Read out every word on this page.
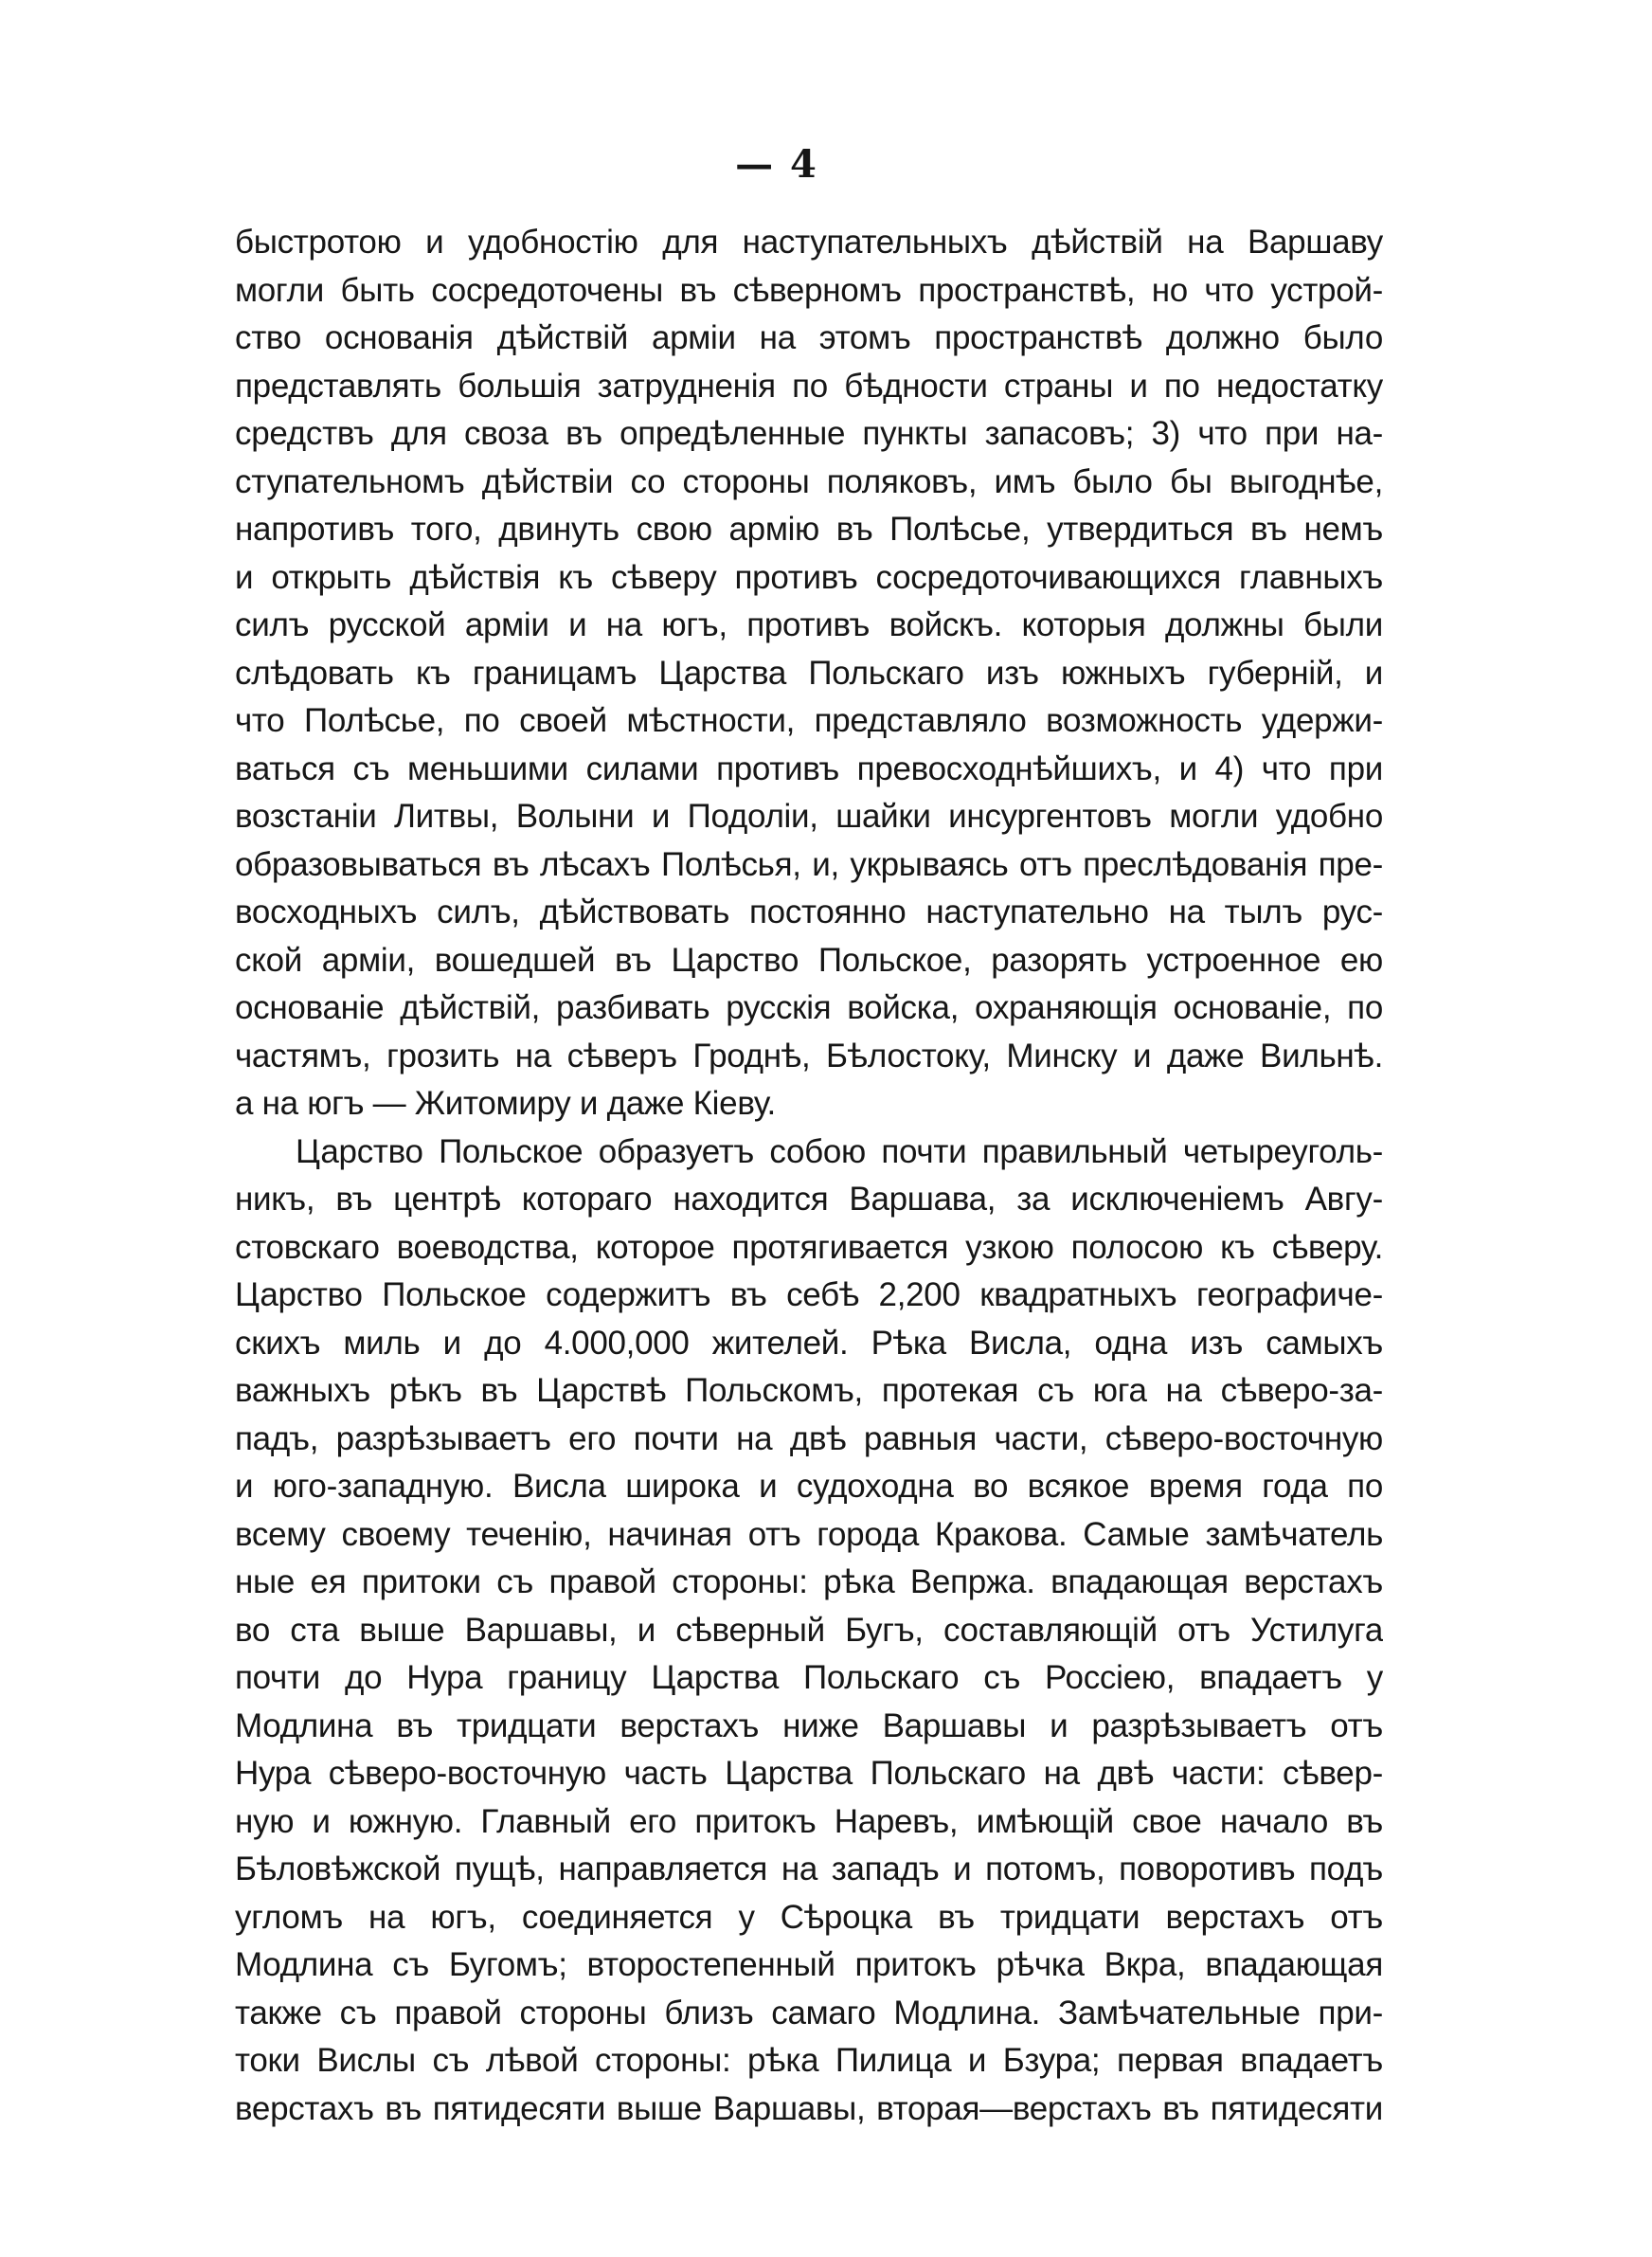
— 4
быстротою и удобностію для наступательныхъ дѣйствій на Варшаву
могли быть сосредоточены въ сѣверномъ пространствѣ, но что устрой-
ство основанія дѣйствій арміи на этомъ пространствѣ должно было
представлять большія затрудненія по бѣдности страны и по недостатку
средствъ для своза въ опредѣленные пункты запасовъ; 3) что при на-
ступательномъ дѣйствіи со стороны поляковъ, имъ было бы выгоднѣе,
напротивъ того, двинуть свою армію въ Полѣсье, утвердиться въ немъ
и открыть дѣйствія къ сѣверу противъ сосредоточивающихся главныхъ
силъ русской арміи и на югъ, противъ войскъ. которыя должны были
слѣдовать къ границамъ Царства Польскаго изъ южныхъ губерній, и
что Полѣсье, по своей мѣстности, представляло возможность удержи-
ваться съ меньшими силами противъ превосходнѣйшихъ, и 4) что при
возстаніи Литвы, Волыни и Подоліи, шайки инсургентовъ могли удобно
образовываться въ лѣсахъ Полѣсья, и, укрываясь отъ преслѣдованія пре-
восходныхъ силъ, дѣйствовать постоянно наступательно на тылъ рус-
ской арміи, вошедшей въ Царство Польское, разорять устроенное ею
основаніе дѣйствій, разбивать русскія войска, охраняющія основаніе, по
частямъ, грозить на сѣверъ Гроднѣ, Бѣлостоку, Минску и даже Вильнѣ.
а на югъ — Житомиру и даже Кіеву.
Царство Польское образуетъ собою почти правильный четыреуголь-
никъ, въ центрѣ котораго находится Варшава, за исключеніемъ Авгу-
стовскаго воеводства, которое протягивается узкою полосою къ сѣверу.
Царство Польское содержитъ въ себѣ 2,200 квадратныхъ географиче-
скихъ миль и до 4.000,000 жителей. Рѣка Висла, одна изъ самыхъ
важныхъ рѣкъ въ Царствѣ Польскомъ, протекая съ юга на сѣверо-за-
падъ, разрѣзываетъ его почти на двѣ равныя части, сѣверо-восточную
и юго-западную. Висла широка и судоходна во всякое время года по
всему своему теченію, начиная отъ города Кракова. Самые замѣчатель
ные ея притоки съ правой стороны: рѣка Вепржа. впадающая верстахъ
во ста выше Варшавы, и сѣверный Бугъ, составляющій отъ Устилуга
почти до Нура границу Царства Польскаго съ Россіею, впадаетъ у
Модлина въ тридцати верстахъ ниже Варшавы и разрѣзываетъ отъ
Нура сѣверо-восточную часть Царства Польскаго на двѣ части: сѣвер-
ную и южную. Главный его притокъ Наревъ, имѣющій свое начало въ
Бѣловѣжской пущѣ, направляется на западъ и потомъ, поворотивъ подъ
угломъ на югъ, соединяется у Сѣроцка въ тридцати верстахъ отъ
Модлина съ Бугомъ; второстепенный притокъ рѣчка Вкра, впадающая
также съ правой стороны близъ самаго Модлина. Замѣчательные при-
токи Вислы съ лѣвой стороны: рѣка Пилица и Бзура; первая впадаетъ
верстахъ въ пятидесяти выше Варшавы, вторая—верстахъ въ пятидесяти
